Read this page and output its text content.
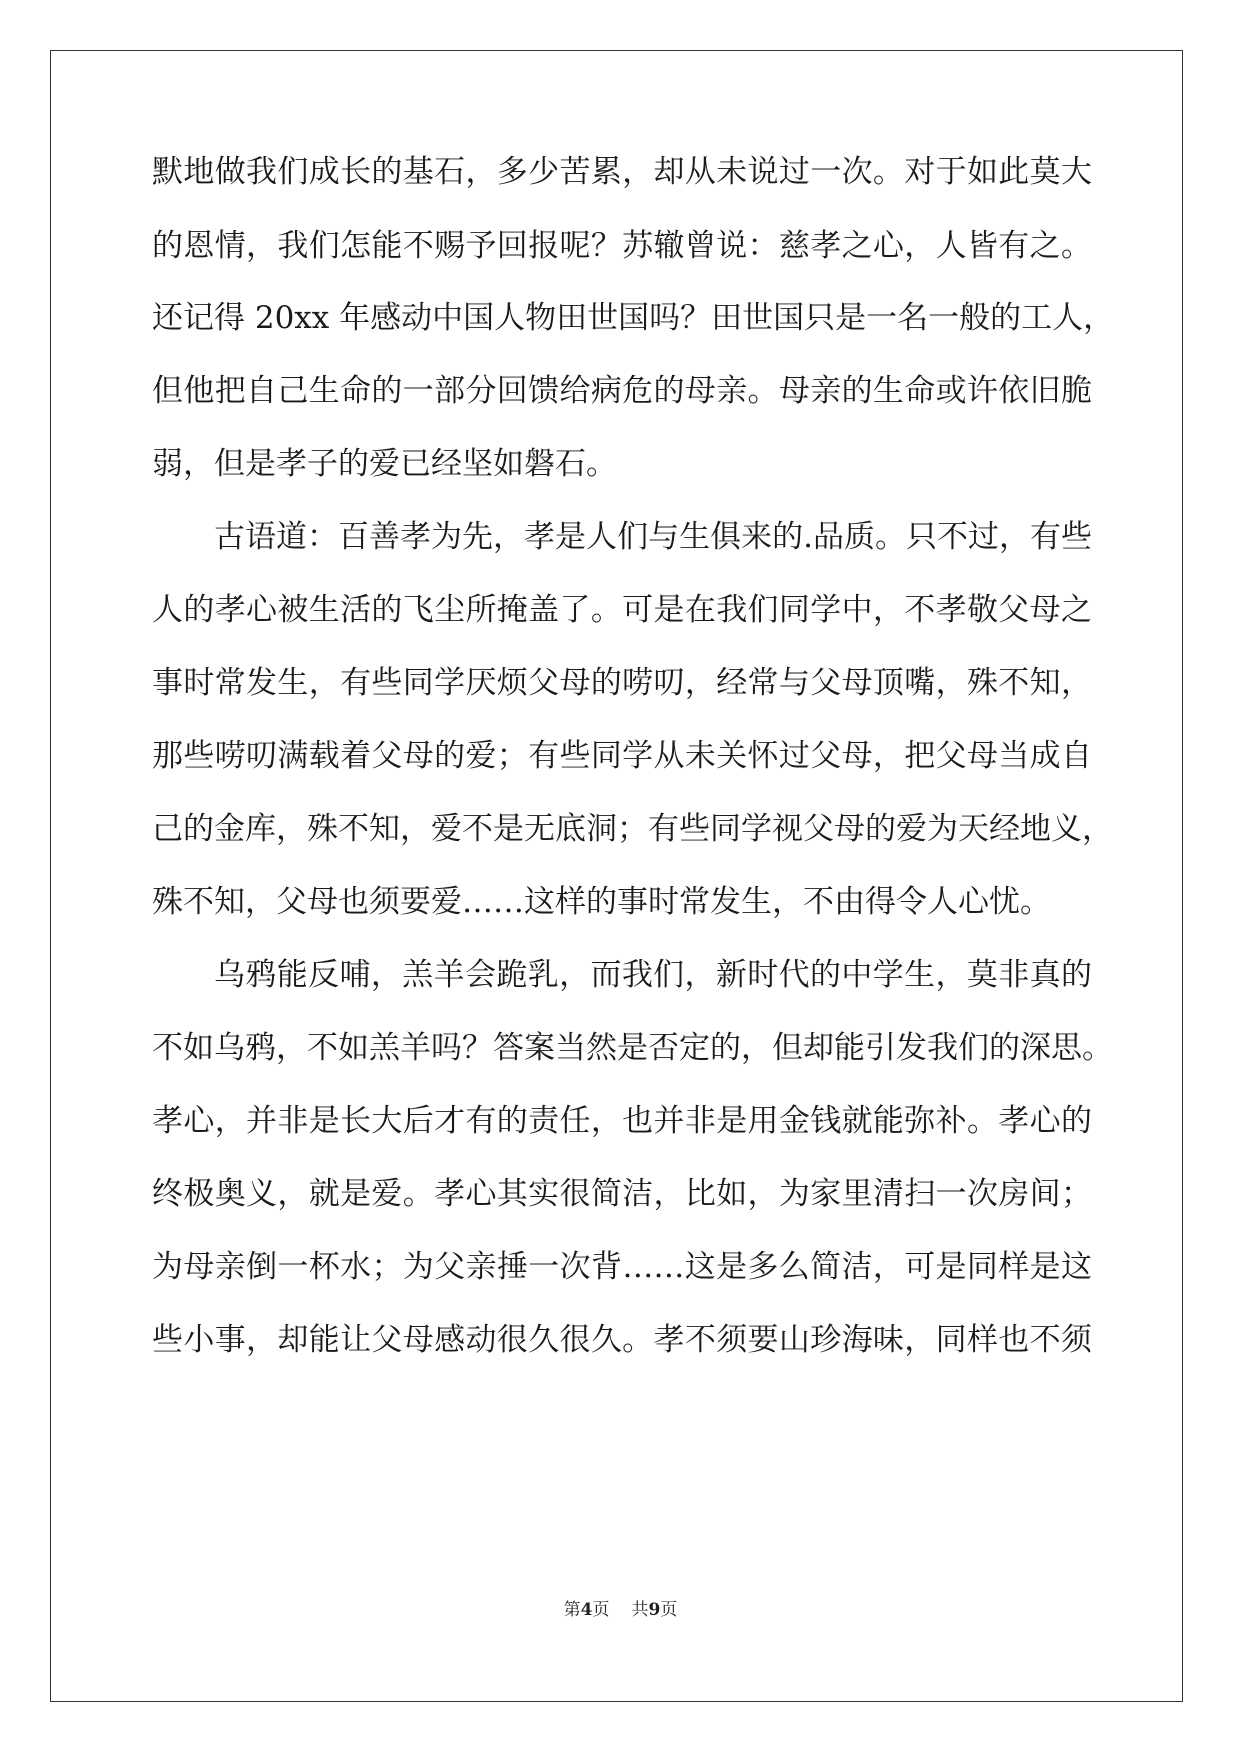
默地做我们成长的基石，多少苦累，却从未说过一次。对于如此莫大
的恩情，我们怎能不赐予回报呢？苏辙曾说：慈孝之心，人皆有之。
还记得 20xx 年感动中国人物田世国吗？田世国只是一名一般的工人，
但他把自己生命的一部分回馈给病危的母亲。母亲的生命或许依旧脆
弱，但是孝子的爱已经坚如磐石。
古语道：百善孝为先，孝是人们与生俱来的.品质。只不过，有些
人的孝心被生活的飞尘所掩盖了。可是在我们同学中，不孝敬父母之
事时常发生，有些同学厌烦父母的唠叨，经常与父母顶嘴，殊不知，
那些唠叨满载着父母的爱；有些同学从未关怀过父母，把父母当成自
己的金库，殊不知，爱不是无底洞；有些同学视父母的爱为天经地义，
殊不知，父母也须要爱……这样的事时常发生，不由得令人心忧。
乌鸦能反哺，羔羊会跪乳，而我们，新时代的中学生，莫非真的
不如乌鸦，不如羔羊吗？答案当然是否定的，但却能引发我们的深思。
孝心，并非是长大后才有的责任，也并非是用金钱就能弥补。孝心的
终极奥义，就是爱。孝心其实很简洁，比如，为家里清扫一次房间；
为母亲倒一杯水；为父亲捶一次背……这是多么简洁，可是同样是这
些小事，却能让父母感动很久很久。孝不须要山珍海味，同样也不须
第4页 共9页
